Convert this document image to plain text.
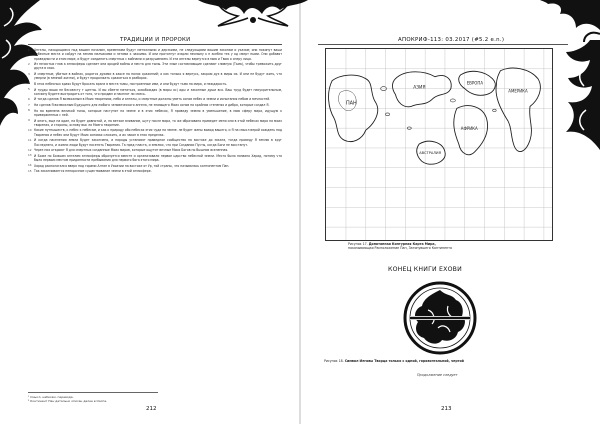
ТРАДИЦИИ И ПРОРОКИ	АПОКРИФ-113: 03.2017 (#5.2 e.n.)
1 Ангелы, находящиеся под вашим началом, временами будут метяжными и дерзкими, не следующими вашим законам и указам; они покинут ваши небесные места и сойдут на землю малчиками и зетами к чахкими. И они протягнут азарли несмыну к н асебно тек у од смерт ными. Они добавят праведности и этом мире, и будут соединять смертных с войнами и разрушением. И эти ангелы вернутся в мою и Твою о сперу лица.
2 Из нечистых глав а атмосферы сделает они оркдей войны и места для тьмы. Эти злые составляющие сделают сливную (Тьма), чтобы тревожить друг друга в хаос.
3 И смертные, убитые в войнах, родятся духами в хаосе на полях сражений; а как только я вернусь, закрою дух в миры их. И они не будут жить, что умерли (в земной жизни), и будут продолжать сражаться в разборах.
4 В этих небесных краях будут бросать враги в места тьмы, построенные ими, и они будут тьма на мира, и неждарость.
5 И труды ваши не бессвесту т щетны. И вы сбеете метаться, освобождая (в миры ос) ады и законные души вся. Ваш труд будет неиукрительным, кончину будете выстрадать от того, что придам и населят ли смесь.
6 И тогда сделав Я возможным в Моих творениях, небо и ангелы, и смертные должны уметь основ небес и земли и испытания небом и мечностей.
7 Ни сделав Я возможным Будущего для любого человеческого ангела, не знающего Моих основ на крайних степенях и дибра, которые создал Я.
8 Но во времена великой тьмы, которые наступят на земле и в этих небесах, Я приведу землю в уменьшение, в мою сферу мира, идущую к приверженных с ней.
9 И опять, еще на один, на будет давнотой, и, на ветхое вливание, шуту после мира, то же образовано приведет меня или в этой небесах мира на моих творения, и стороны, основу выс ла Моего творение.
10 Какие путнышеств, к небес к небесам, и как к природу обо небесах этих чуда на земле. ле будет жены вывод вашего, и Я на смысл верой хождень над Творения и небес они будут Моих основах сложить, и их закон в этих пределах.
11 И когда населения земли будет закончено, и народы установят праведное сообщество на востоке до заката, тогда проведу Я землю в круг Последнего, и жизни люди будут посетить Творения. Та пред пласта, и землюх, что при Создании Пусты, когда Боги не восстанут.
12 Через них откроют Я для смертных созданные Моих миров, которые ощутит вечные Моих Богов по Вышних вселенная.
13 И Боже по Божьим ангелам атмосферы образуется вместе и организовали первое царство небесной земли. Место было названо Харад, потому что было первым местом приданности пребывания для первого бога этого мира.
14 Харад располагался вверх над горами Алтан в Ухоазии на востоке от Ур, той страны, что называлась континентом Пан.
15 Так заканчивается непорочное существование земли в этой атмосфере.
¹ Смысл, небесам, перевода.
² Континент Пан детально описан далее в Оаспе.
212	213
ПАН
АЗИЯ
ЕВРОПА
АМЕРИКА
АФРИКА
АВСТРАЛИЯ
Рисунок 17. Допотопная Контурная Карта Мира,
показывающая Расположение Пан, Затонувшего Континента
КОНЕЦ КНИГИ ЕХОВИ
Рисунок 18. Символ Иеговы Творца только с одной, горизонтальной, чертой
Продолжение следует
